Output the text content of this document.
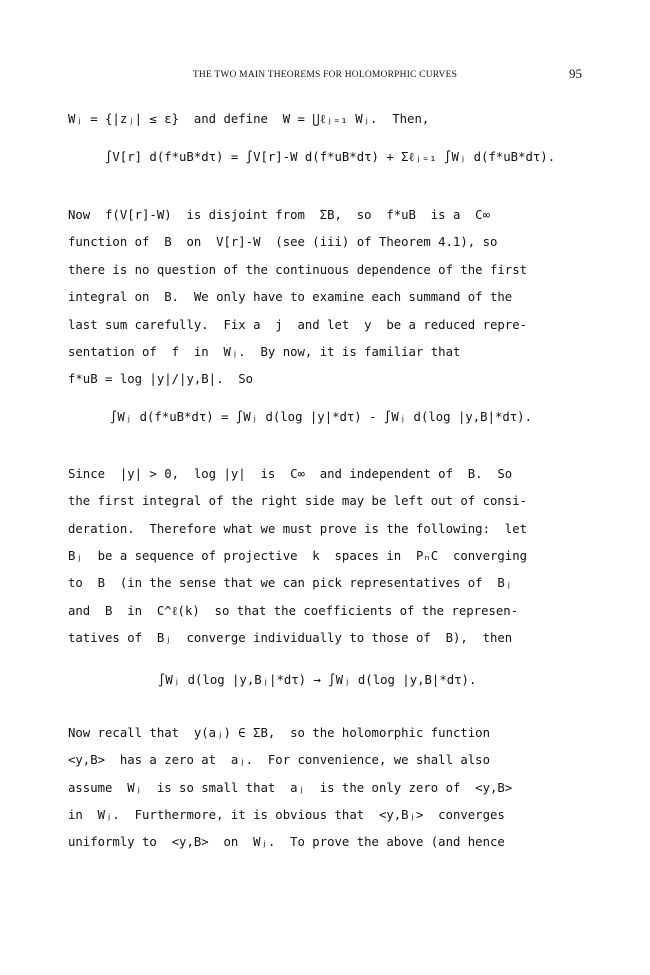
THE TWO MAIN THEOREMS FOR HOLOMORPHIC CURVES	95
Wⱼ = {|zⱼ| ≤ ε}  and define  W = ⋃ℓⱼ₌₁ Wⱼ.  Then,
∫V[r] d(f*uB*dτ) = ∫V[r]-W d(f*uB*dτ) + Σℓⱼ₌₁ ∫Wⱼ d(f*uB*dτ).
Now  f(V[r]-W)  is disjoint from  ΣB,  so  f*uB  is a  C∞
function of  B  on  V[r]-W  (see (iii) of Theorem 4.1), so
there is no question of the continuous dependence of the first
integral on  B.  We only have to examine each summand of the
last sum carefully.  Fix a  j  and let  y  be a reduced repre-
sentation of  f  in  Wⱼ.  By now, it is familiar that
f*uB = log |y|/|y,B|.  So
∫Wⱼ d(f*uB*dτ) = ∫Wⱼ d(log |y|*dτ) - ∫Wⱼ d(log |y,B|*dτ).
Since  |y| > 0,  log |y|  is  C∞  and independent of  B.  So
the first integral of the right side may be left out of consi-
deration.  Therefore what we must prove is the following:  let
Bⱼ  be a sequence of projective  k  spaces in  PₙC  converging
to  B  (in the sense that we can pick representatives of  Bⱼ
and  B  in  C^ℓ(k)  so that the coefficients of the represen-
tatives of  Bⱼ  converge individually to those of  B),  then
∫Wⱼ d(log |y,Bⱼ|*dτ) → ∫Wⱼ d(log |y,B|*dτ).
Now recall that  y(aⱼ) ∈ ΣB,  so the holomorphic function
<y,B>  has a zero at  aⱼ.  For convenience, we shall also
assume  Wⱼ  is so small that  aⱼ  is the only zero of  <y,B>
in  Wⱼ.  Furthermore, it is obvious that  <y,Bⱼ>  converges
uniformly to  <y,B>  on  Wⱼ.  To prove the above (and hence
